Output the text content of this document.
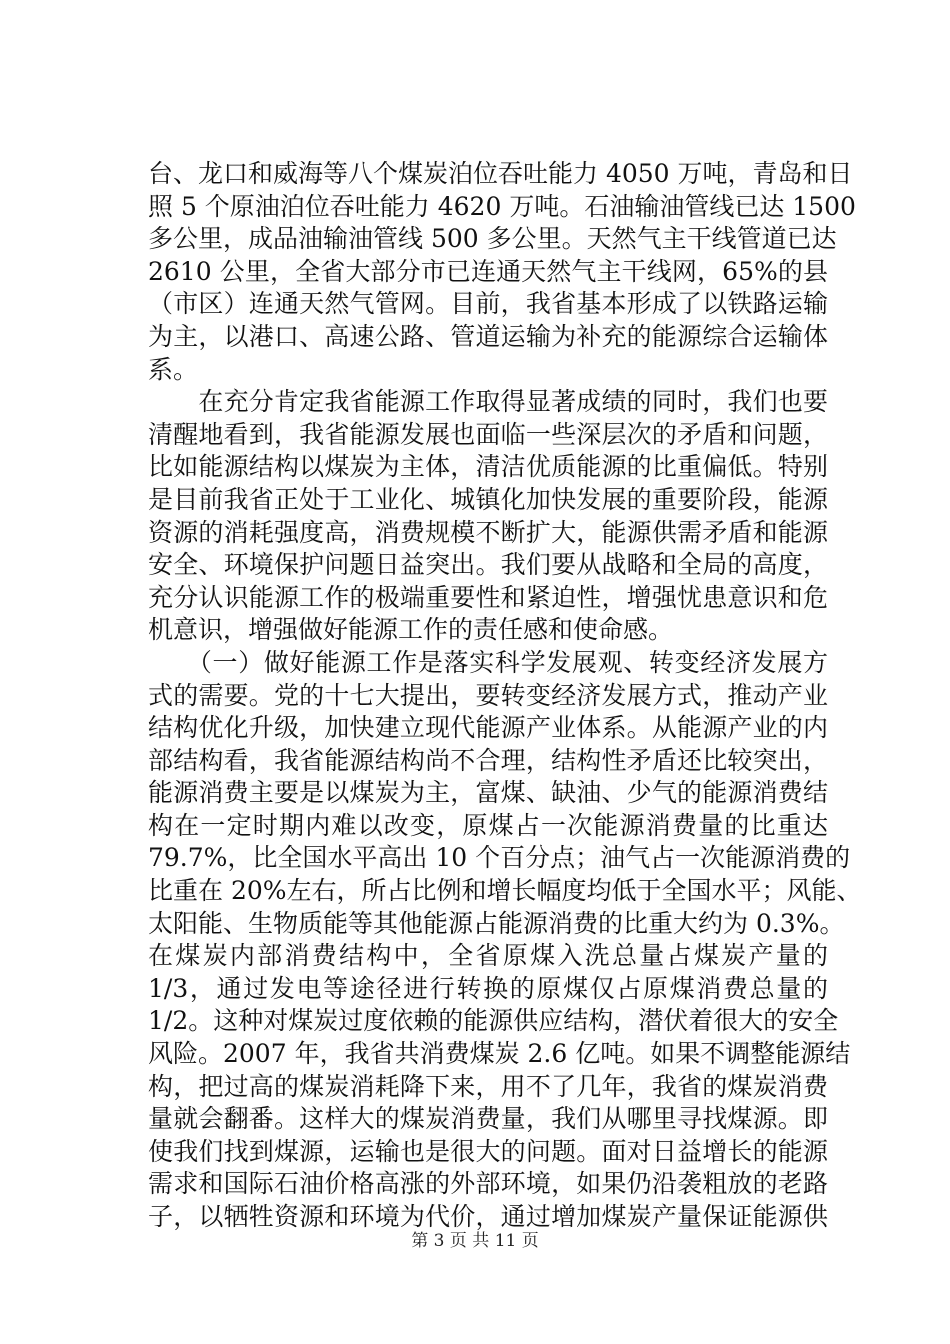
台、龙口和威海等八个煤炭泊位吞吐能力 4050 万吨，青岛和日
照 5 个原油泊位吞吐能力 4620 万吨。石油输油管线已达 1500
多公里，成品油输油管线 500 多公里。天然气主干线管道已达
2610 公里，全省大部分市已连通天然气主干线网，65%的县
（市区）连通天然气管网。目前，我省基本形成了以铁路运输
为主，以港口、高速公路、管道运输为补充的能源综合运输体
系。
　　在充分肯定我省能源工作取得显著成绩的同时，我们也要
清醒地看到，我省能源发展也面临一些深层次的矛盾和问题，
比如能源结构以煤炭为主体，清洁优质能源的比重偏低。特别
是目前我省正处于工业化、城镇化加快发展的重要阶段，能源
资源的消耗强度高，消费规模不断扩大，能源供需矛盾和能源
安全、环境保护问题日益突出。我们要从战略和全局的高度，
充分认识能源工作的极端重要性和紧迫性，增强忧患意识和危
机意识，增强做好能源工作的责任感和使命感。
　　（一）做好能源工作是落实科学发展观、转变经济发展方
式的需要。党的十七大提出，要转变经济发展方式，推动产业
结构优化升级，加快建立现代能源产业体系。从能源产业的内
部结构看，我省能源结构尚不合理，结构性矛盾还比较突出，
能源消费主要是以煤炭为主，富煤、缺油、少气的能源消费结
构在一定时期内难以改变，原煤占一次能源消费量的比重达
79.7%，比全国水平高出 10 个百分点；油气占一次能源消费的
比重在 20%左右，所占比例和增长幅度均低于全国水平；风能、
太阳能、生物质能等其他能源占能源消费的比重大约为 0.3%。
在煤炭内部消费结构中，全省原煤入洗总量占煤炭产量的
1/3，通过发电等途径进行转换的原煤仅占原煤消费总量的
1/2。这种对煤炭过度依赖的能源供应结构，潜伏着很大的安全
风险。2007 年，我省共消费煤炭 2.6 亿吨。如果不调整能源结
构，把过高的煤炭消耗降下来，用不了几年，我省的煤炭消费
量就会翻番。这样大的煤炭消费量，我们从哪里寻找煤源。即
使我们找到煤源，运输也是很大的问题。面对日益增长的能源
需求和国际石油价格高涨的外部环境，如果仍沿袭粗放的老路
子，以牺牲资源和环境为代价，通过增加煤炭产量保证能源供
第 3 页 共 11 页
